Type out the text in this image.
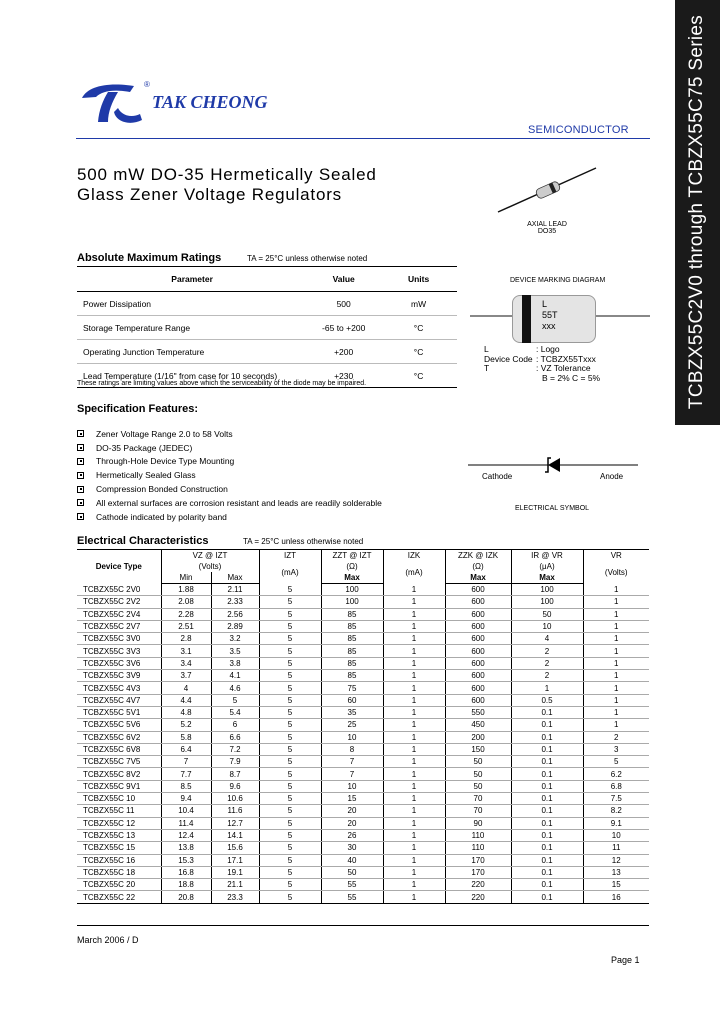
TCBZX55C2V0 through TCBZX55C75 Series
TAK CHEONG
®
SEMICONDUCTOR
500 mW DO-35 Hermetically Sealed Glass Zener Voltage Regulators
AXIAL LEAD
DO35
DEVICE MARKING DIAGRAM
L
55T
xxx
L	: Logo
Device Code : TCBZX55Txxx
T	: VZ Tolerance
B = 2% C = 5%
Cathode	Anode
ELECTRICAL SYMBOL
Absolute Maximum Ratings	TA = 25°C unless otherwise noted
Parameter	Value	Units
Power Dissipation	500	mW
Storage Temperature Range	-65 to +200	°C
Operating Junction Temperature	+200	°C
Lead Temperature (1/16" from case for 10 seconds)	+230	°C
These ratings are limiting values above which the serviceability of the diode may be impaired.
Specification Features:
Zener Voltage Range 2.0 to 58 Volts
DO-35 Package (JEDEC)
Through-Hole Device Type Mounting
Hermetically Sealed Glass
Compression Bonded Construction
All external surfaces are corrosion resistant and leads are readily solderable
Cathode indicated by polarity band
Electrical Characteristics	TA = 25°C unless otherwise noted
Device Type	VZ @ IZT		IZT	ZZT @ IZT	IZK	ZZK @ IZK	IR @ VR	VR
	(Volts)		(mA)	(Ω)	(mA)	(Ω)	(μA)	(Volts)
	Min	Max		Max		Max	Max	
TCBZX55C 2V0	1.88	2.11	5	100	1	600	100	1
TCBZX55C 2V2	2.08	2.33	5	100	1	600	100	1
TCBZX55C 2V4	2.28	2.56	5	85	1	600	50	1
TCBZX55C 2V7	2.51	2.89	5	85	1	600	10	1
TCBZX55C 3V0	2.8	3.2	5	85	1	600	4	1
TCBZX55C 3V3	3.1	3.5	5	85	1	600	2	1
TCBZX55C 3V6	3.4	3.8	5	85	1	600	2	1
TCBZX55C 3V9	3.7	4.1	5	85	1	600	2	1
TCBZX55C 4V3	4	4.6	5	75	1	600	1	1
TCBZX55C 4V7	4.4	5	5	60	1	600	0.5	1
TCBZX55C 5V1	4.8	5.4	5	35	1	550	0.1	1
TCBZX55C 5V6	5.2	6	5	25	1	450	0.1	1
TCBZX55C 6V2	5.8	6.6	5	10	1	200	0.1	2
TCBZX55C 6V8	6.4	7.2	5	8	1	150	0.1	3
TCBZX55C 7V5	7	7.9	5	7	1	50	0.1	5
TCBZX55C 8V2	7.7	8.7	5	7	1	50	0.1	6.2
TCBZX55C 9V1	8.5	9.6	5	10	1	50	0.1	6.8
TCBZX55C 10	9.4	10.6	5	15	1	70	0.1	7.5
TCBZX55C 11	10.4	11.6	5	20	1	70	0.1	8.2
TCBZX55C 12	11.4	12.7	5	20	1	90	0.1	9.1
TCBZX55C 13	12.4	14.1	5	26	1	110	0.1	10
TCBZX55C 15	13.8	15.6	5	30	1	110	0.1	11
TCBZX55C 16	15.3	17.1	5	40	1	170	0.1	12
TCBZX55C 18	16.8	19.1	5	50	1	170	0.1	13
TCBZX55C 20	18.8	21.1	5	55	1	220	0.1	15
TCBZX55C 22	20.8	23.3	5	55	1	220	0.1	16
March 2006 / D
Page 1
